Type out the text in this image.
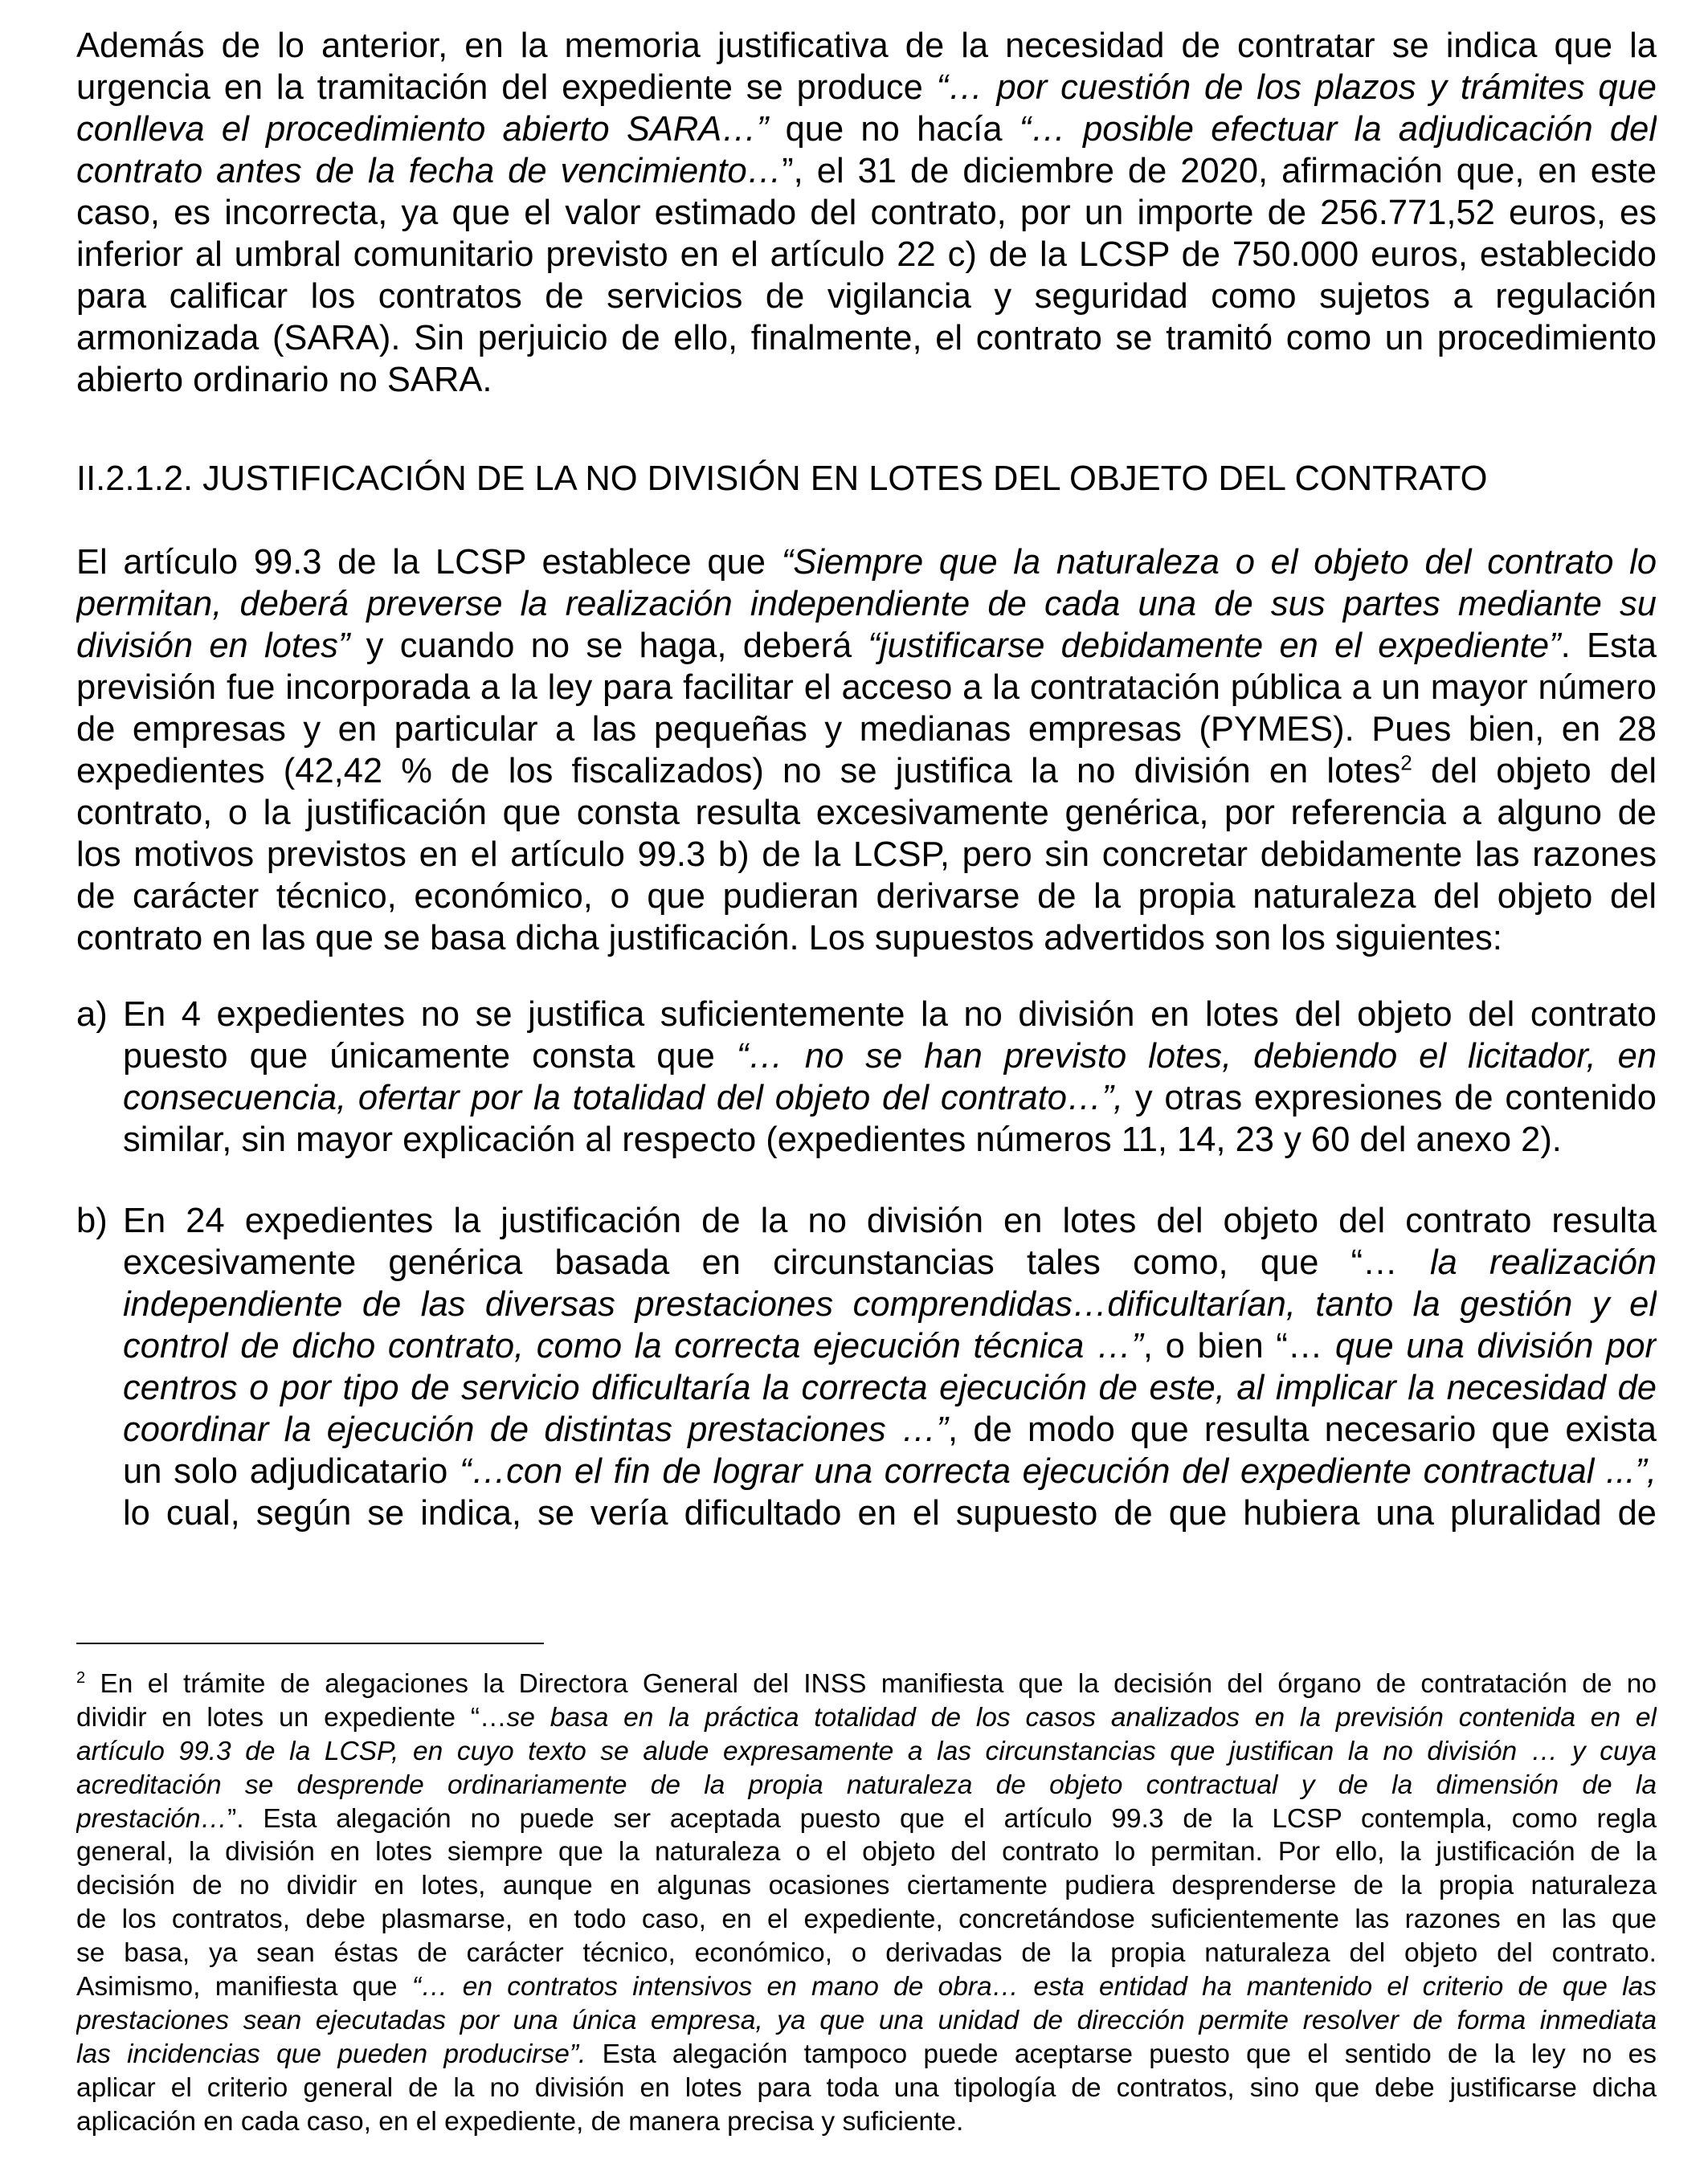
Además de lo anterior, en la memoria justificativa de la necesidad de contratar se indica que la
urgencia en la tramitación del expediente se produce “… por cuestión de los plazos y trámites que
conlleva el procedimiento abierto SARA…” que no hacía “… posible efectuar la adjudicación del
contrato antes de la fecha de vencimiento…”, el 31 de diciembre de 2020, afirmación que, en este
caso, es incorrecta, ya que el valor estimado del contrato, por un importe de 256.771,52 euros, es
inferior al umbral comunitario previsto en el artículo 22 c) de la LCSP de 750.000 euros, establecido
para calificar los contratos de servicios de vigilancia y seguridad como sujetos a regulación
armonizada (SARA). Sin perjuicio de ello, finalmente, el contrato se tramitó como un procedimiento
abierto ordinario no SARA.
II.2.1.2. JUSTIFICACIÓN DE LA NO DIVISIÓN EN LOTES DEL OBJETO DEL CONTRATO
El artículo 99.3 de la LCSP establece que “Siempre que la naturaleza o el objeto del contrato lo
permitan, deberá preverse la realización independiente de cada una de sus partes mediante su
división en lotes” y cuando no se haga, deberá “justificarse debidamente en el expediente”. Esta
previsión fue incorporada a la ley para facilitar el acceso a la contratación pública a un mayor número
de empresas y en particular a las pequeñas y medianas empresas (PYMES). Pues bien, en 28
expedientes (42,42 % de los fiscalizados) no se justifica la no división en lotes$^2$ del objeto del
contrato, o la justificación que consta resulta excesivamente genérica, por referencia a alguno de
los motivos previstos en el artículo 99.3 b) de la LCSP, pero sin concretar debidamente las razones
de carácter técnico, económico, o que pudieran derivarse de la propia naturaleza del objeto del
contrato en las que se basa dicha justificación. Los supuestos advertidos son los siguientes:
a) En 4 expedientes no se justifica suficientemente la no división en lotes del objeto del contrato
puesto que únicamente consta que “… no se han previsto lotes, debiendo el licitador, en
consecuencia, ofertar por la totalidad del objeto del contrato…”, y otras expresiones de contenido
similar, sin mayor explicación al respecto (expedientes números 11, 14, 23 y 60 del anexo 2).
b) En 24 expedientes la justificación de la no división en lotes del objeto del contrato resulta
excesivamente genérica basada en circunstancias tales como, que “… la realización
independiente de las diversas prestaciones comprendidas…dificultarían, tanto la gestión y el
control de dicho contrato, como la correcta ejecución técnica …”, o bien “… que una división por
centros o por tipo de servicio dificultaría la correcta ejecución de este, al implicar la necesidad de
coordinar la ejecución de distintas prestaciones …”, de modo que resulta necesario que exista
un solo adjudicatario “…con el fin de lograr una correcta ejecución del expediente contractual ...”,
lo cual, según se indica, se vería dificultado en el supuesto de que hubiera una pluralidad de
$^2$ En el trámite de alegaciones la Directora General del INSS manifiesta que la decisión del órgano de contratación de no
dividir en lotes un expediente “…se basa en la práctica totalidad de los casos analizados en la previsión contenida en el
artículo 99.3 de la LCSP, en cuyo texto se alude expresamente a las circunstancias que justifican la no división … y cuya
acreditación se desprende ordinariamente de la propia naturaleza de objeto contractual y de la dimensión de la
prestación…”. Esta alegación no puede ser aceptada puesto que el artículo 99.3 de la LCSP contempla, como regla
general, la división en lotes siempre que la naturaleza o el objeto del contrato lo permitan. Por ello, la justificación de la
decisión de no dividir en lotes, aunque en algunas ocasiones ciertamente pudiera desprenderse de la propia naturaleza
de los contratos, debe plasmarse, en todo caso, en el expediente, concretándose suficientemente las razones en las que
se basa, ya sean éstas de carácter técnico, económico, o derivadas de la propia naturaleza del objeto del contrato.
Asimismo, manifiesta que “… en contratos intensivos en mano de obra… esta entidad ha mantenido el criterio de que las
prestaciones sean ejecutadas por una única empresa, ya que una unidad de dirección permite resolver de forma inmediata
las incidencias que pueden producirse”. Esta alegación tampoco puede aceptarse puesto que el sentido de la ley no es
aplicar el criterio general de la no división en lotes para toda una tipología de contratos, sino que debe justificarse dicha
aplicación en cada caso, en el expediente, de manera precisa y suficiente.
